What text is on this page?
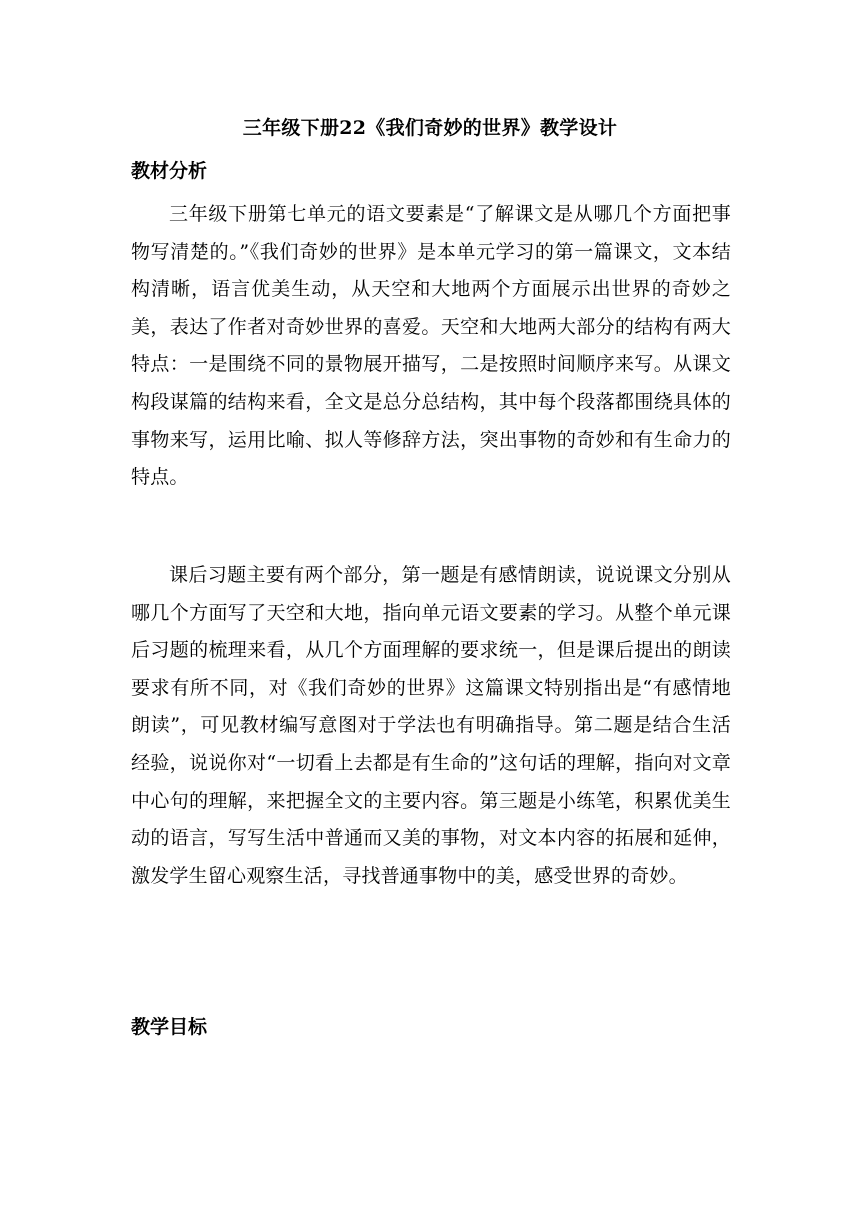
三年级下册22《我们奇妙的世界》教学设计
教材分析

三年级下册第七单元的语文要素是“了解课文是从哪几个方面把事物写清楚的。”《我们奇妙的世界》是本单元学习的第一篇课文，文本结构清晰，语言优美生动，从天空和大地两个方面展示出世界的奇妙之美，表达了作者对奇妙世界的喜爱。天空和大地两大部分的结构有两大特点：一是围绕不同的景物展开描写，二是按照时间顺序来写。从课文构段谋篇的结构来看，全文是总分总结构，其中每个段落都围绕具体的事物来写，运用比喻、拟人等修辞方法，突出事物的奇妙和有生命力的特点。

课后习题主要有两个部分，第一题是有感情朗读，说说课文分别从哪几个方面写了天空和大地，指向单元语文要素的学习。从整个单元课后习题的梳理来看，从几个方面理解的要求统一，但是课后提出的朗读要求有所不同，对《我们奇妙的世界》这篇课文特别指出是“有感情地朗读”，可见教材编写意图对于学法也有明确指导。第二题是结合生活经验，说说你对“一切看上去都是有生命的”这句话的理解，指向对文章中心句的理解，来把握全文的主要内容。第三题是小练笔，积累优美生动的语言，写写生活中普通而又美的事物，对文本内容的拓展和延伸，激发学生留心观察生活，寻找普通事物中的美，感受世界的奇妙。

教学目标
